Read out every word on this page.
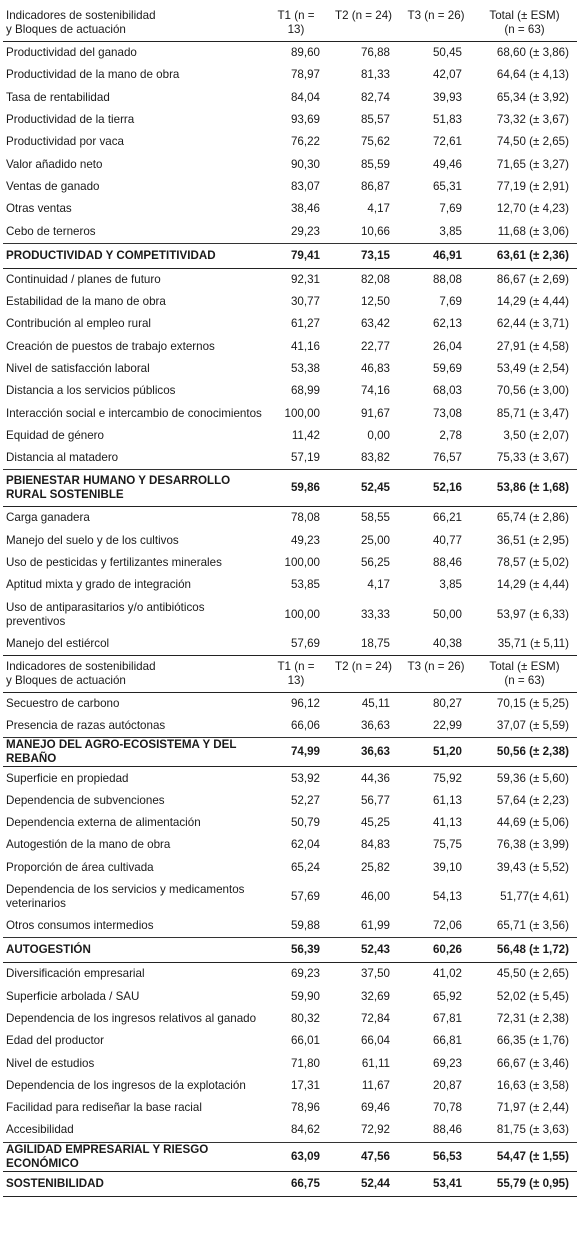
Indicadores de sostenibilidad
y Bloques de actuación	T1 (n = 13)	T2 (n = 24)	T3 (n = 26)	Total (± ESM)
(n = 63)
Productividad del ganado	89,60	76,88	50,45	68,60 (± 3,86)
Productividad de la mano de obra	78,97	81,33	42,07	64,64 (± 4,13)
Tasa de rentabilidad	84,04	82,74	39,93	65,34 (± 3,92)
Productividad de la tierra	93,69	85,57	51,83	73,32 (± 3,67)
Productividad por vaca	76,22	75,62	72,61	74,50 (± 2,65)
Valor añadido neto	90,30	85,59	49,46	71,65 (± 3,27)
Ventas de ganado	83,07	86,87	65,31	77,19 (± 2,91)
Otras ventas	38,46	4,17	7,69	12,70 (± 4,23)
Cebo de terneros	29,23	10,66	3,85	11,68 (± 3,06)
PRODUCTIVIDAD Y COMPETITIVIDAD	79,41	73,15	46,91	63,61 (± 2,36)
Continuidad / planes de futuro	92,31	82,08	88,08	86,67 (± 2,69)
Estabilidad de la mano de obra	30,77	12,50	7,69	14,29 (± 4,44)
Contribución al empleo rural	61,27	63,42	62,13	62,44 (± 3,71)
Creación de puestos de trabajo externos	41,16	22,77	26,04	27,91 (± 4,58)
Nivel de satisfacción laboral	53,38	46,83	59,69	53,49 (± 2,54)
Distancia a los servicios públicos	68,99	74,16	68,03	70,56 (± 3,00)
Interacción social e intercambio de conocimientos	100,00	91,67	73,08	85,71 (± 3,47)
Equidad de género	11,42	0,00	2,78	3,50 (± 2,07)
Distancia al matadero	57,19	83,82	76,57	75,33 (± 3,67)
PBIENESTAR HUMANO Y DESARROLLO RURAL SOSTENIBLE	59,86	52,45	52,16	53,86 (± 1,68)
Carga ganadera	78,08	58,55	66,21	65,74 (± 2,86)
Manejo del suelo y de los cultivos	49,23	25,00	40,77	36,51 (± 2,95)
Uso de pesticidas y fertilizantes minerales	100,00	56,25	88,46	78,57 (± 5,02)
Aptitud mixta y grado de integración	53,85	4,17	3,85	14,29 (± 4,44)
Uso de antiparasitarios y/o antibióticos preventivos	100,00	33,33	50,00	53,97 (± 6,33)
Manejo del estiércol	57,69	18,75	40,38	35,71 (± 5,11)
Indicadores de sostenibilidad
y Bloques de actuación	T1 (n = 13)	T2 (n = 24)	T3 (n = 26)	Total (± ESM)
(n = 63)
Secuestro de carbono	96,12	45,11	80,27	70,15 (± 5,25)
Presencia de razas autóctonas	66,06	36,63	22,99	37,07 (± 5,59)
MANEJO DEL AGRO-ECOSISTEMA Y DEL REBAÑO	74,99	36,63	51,20	50,56 (± 2,38)
Superficie en propiedad	53,92	44,36	75,92	59,36 (± 5,60)
Dependencia de subvenciones	52,27	56,77	61,13	57,64 (± 2,23)
Dependencia externa de alimentación	50,79	45,25	41,13	44,69 (± 5,06)
Autogestión de la mano de obra	62,04	84,83	75,75	76,38 (± 3,99)
Proporción de área cultivada	65,24	25,82	39,10	39,43 (± 5,52)
Dependencia de los servicios y medicamentos veterinarios	57,69	46,00	54,13	51,77(± 4,61)
Otros consumos intermedios	59,88	61,99	72,06	65,71 (± 3,56)
AUTOGESTIÓN	56,39	52,43	60,26	56,48 (± 1,72)
Diversificación empresarial	69,23	37,50	41,02	45,50 (± 2,65)
Superficie arbolada / SAU	59,90	32,69	65,92	52,02 (± 5,45)
Dependencia de los ingresos relativos al ganado	80,32	72,84	67,81	72,31 (± 2,38)
Edad del productor	66,01	66,04	66,81	66,35 (± 1,76)
Nivel de estudios	71,80	61,11	69,23	66,67 (± 3,46)
Dependencia de los ingresos de la explotación	17,31	11,67	20,87	16,63 (± 3,58)
Facilidad para rediseñar la base racial	78,96	69,46	70,78	71,97 (± 2,44)
Accesibilidad	84,62	72,92	88,46	81,75 (± 3,63)
AGILIDAD EMPRESARIAL Y RIESGO ECONÓMICO	63,09	47,56	56,53	54,47 (± 1,55)
SOSTENIBILIDAD	66,75	52,44	53,41	55,79 (± 0,95)
